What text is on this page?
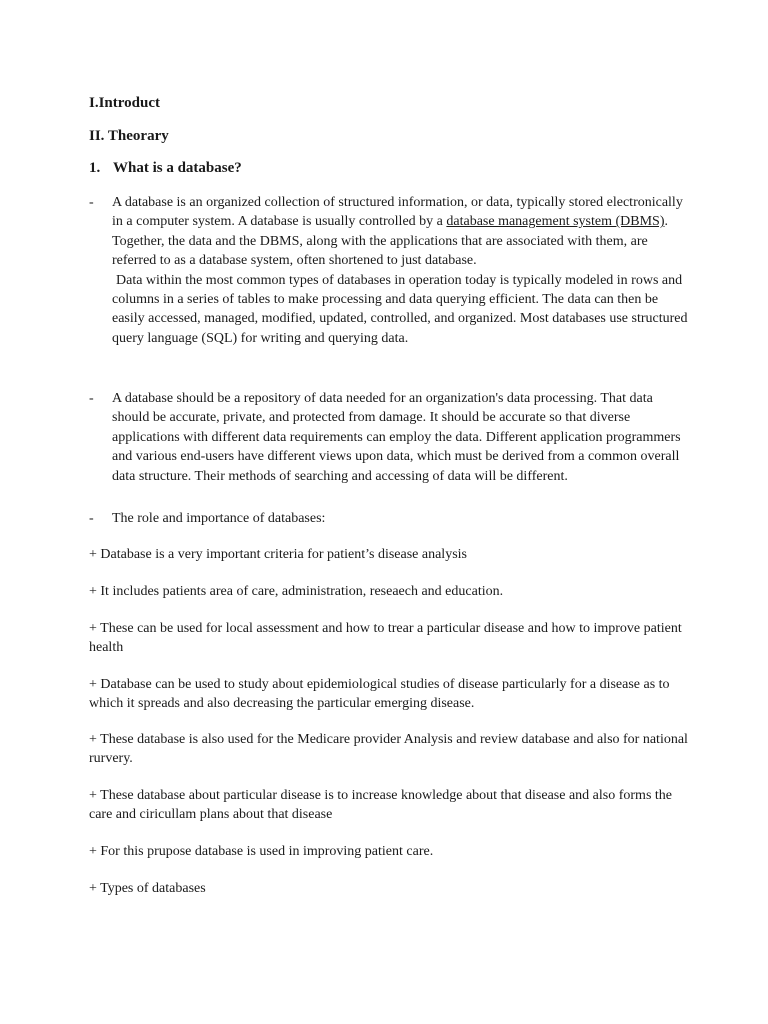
I.Introduct
II. Theorary
1. What is a database?
- A database is an organized collection of structured information, or data, typically stored electronically in a computer system. A database is usually controlled by a database management system (DBMS). Together, the data and the DBMS, along with the applications that are associated with them, are referred to as a database system, often shortened to just database.

Data within the most common types of databases in operation today is typically modeled in rows and columns in a series of tables to make processing and data querying efficient. The data can then be easily accessed, managed, modified, updated, controlled, and organized. Most databases use structured query language (SQL) for writing and querying data.

- A database should be a repository of data needed for an organization's data processing. That data should be accurate, private, and protected from damage. It should be accurate so that diverse applications with different data requirements can employ the data. Different application programmers and various end-users have different views upon data, which must be derived from a common overall data structure. Their methods of searching and accessing of data will be different.

- The role and importance of databases:

+ Database is a very important criteria for patient’s disease analysis

+ It includes patients area of care, administration, reseaech and education.

+ These can be used for local assessment and how to trear a particular disease and how to improve patient health

+ Database can be used to study about epidemiological studies of disease particularly for a disease as to which it spreads and also decreasing the particular emerging disease.

+ These database is also used for the Medicare provider Analysis and review database and also for national rurvery.

+ These database about particular disease is to increase knowledge about that disease and also forms the care and ciricullam plans about that disease

+ For this prupose database is used in improving patient care.

+ Types of databases
